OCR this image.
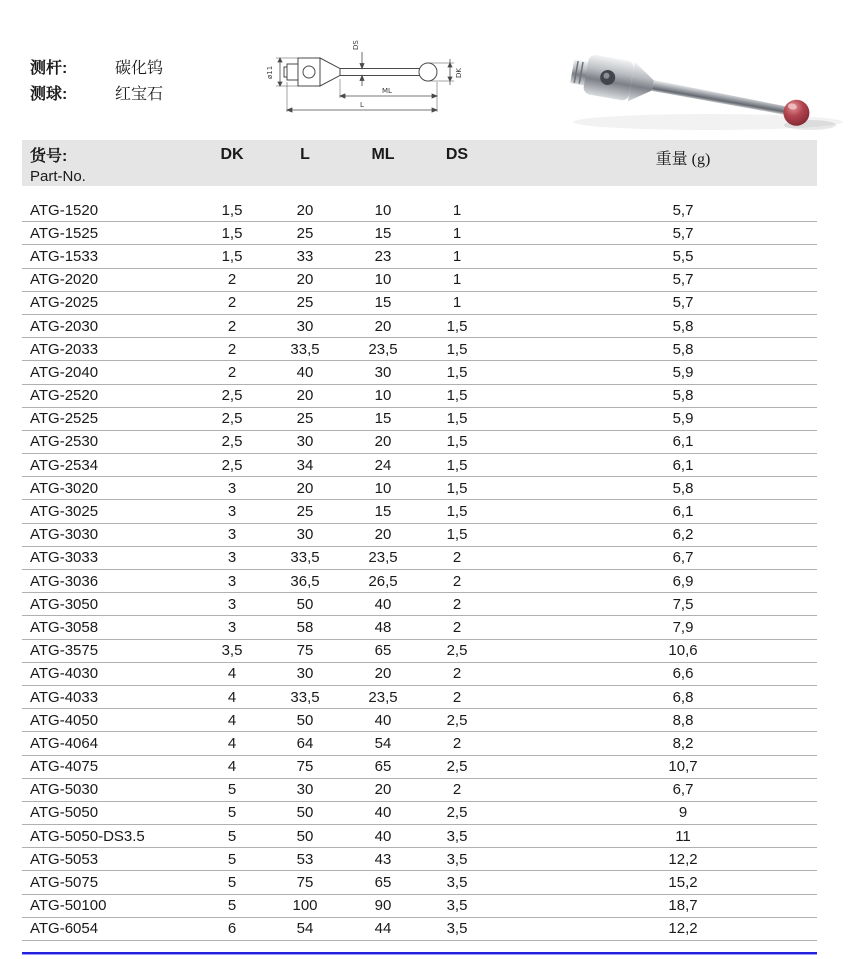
测杆:	碳化钨
测球:	红宝石
ø11
DS
DK
ML
L
货号:
Part-No.
DK	L	ML	DS	重量 (g)
ATG-1520	1,5	20	10	1	5,7
ATG-1525	1,5	25	15	1	5,7
ATG-1533	1,5	33	23	1	5,5
ATG-2020	2	20	10	1	5,7
ATG-2025	2	25	15	1	5,7
ATG-2030	2	30	20	1,5	5,8
ATG-2033	2	33,5	23,5	1,5	5,8
ATG-2040	2	40	30	1,5	5,9
ATG-2520	2,5	20	10	1,5	5,8
ATG-2525	2,5	25	15	1,5	5,9
ATG-2530	2,5	30	20	1,5	6,1
ATG-2534	2,5	34	24	1,5	6,1
ATG-3020	3	20	10	1,5	5,8
ATG-3025	3	25	15	1,5	6,1
ATG-3030	3	30	20	1,5	6,2
ATG-3033	3	33,5	23,5	2	6,7
ATG-3036	3	36,5	26,5	2	6,9
ATG-3050	3	50	40	2	7,5
ATG-3058	3	58	48	2	7,9
ATG-3575	3,5	75	65	2,5	10,6
ATG-4030	4	30	20	2	6,6
ATG-4033	4	33,5	23,5	2	6,8
ATG-4050	4	50	40	2,5	8,8
ATG-4064	4	64	54	2	8,2
ATG-4075	4	75	65	2,5	10,7
ATG-5030	5	30	20	2	6,7
ATG-5050	5	50	40	2,5	9
ATG-5050-DS3.5	5	50	40	3,5	11
ATG-5053	5	53	43	3,5	12,2
ATG-5075	5	75	65	3,5	15,2
ATG-50100	5	100	90	3,5	18,7
ATG-6054	6	54	44	3,5	12,2
